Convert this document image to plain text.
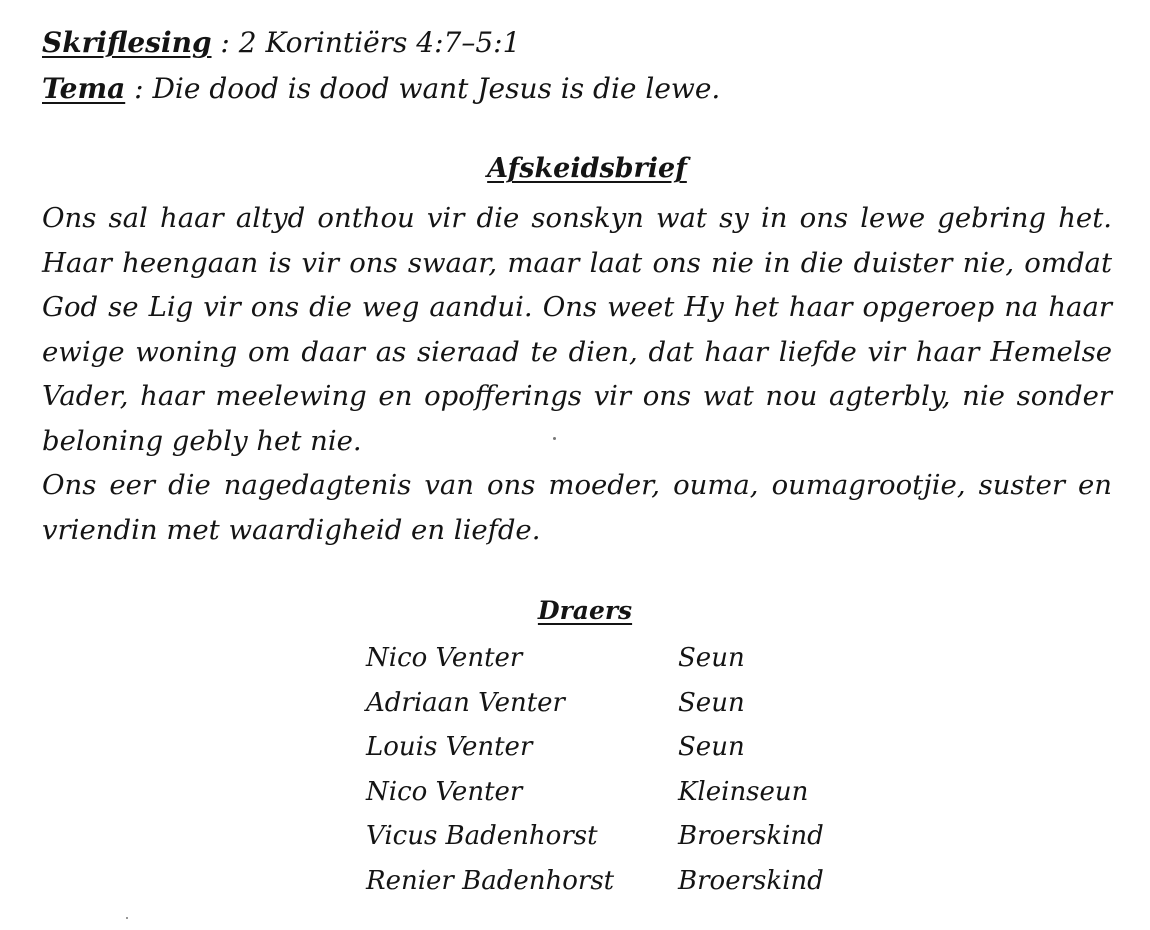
Skriflesing : 2 Korintiërs 4:7–5:1
Tema : Die dood is dood want Jesus is die lewe.
Afskeidsbrief

Ons sal haar altyd onthou vir die sonskyn wat sy in ons lewe gebring het. Haar heengaan is vir ons swaar, maar laat ons nie in die duister nie, omdat God se Lig vir ons die weg aandui. Ons weet Hy het haar opgeroep na haar ewige woning om daar as sieraad te dien, dat haar liefde vir haar Hemelse Vader, haar meelewing en opofferings vir ons wat nou agterbly, nie sonder beloning gebly het nie.

Ons eer die nagedagtenis van ons moeder, ouma, oumagrootjie, suster en vriendin met waardigheid en liefde.

Draers
Nico Venter	Seun
Adriaan Venter	Seun
Louis Venter	Seun
Nico Venter	Kleinseun
Vicus Badenhorst	Broerskind
Renier Badenhorst	Broerskind
